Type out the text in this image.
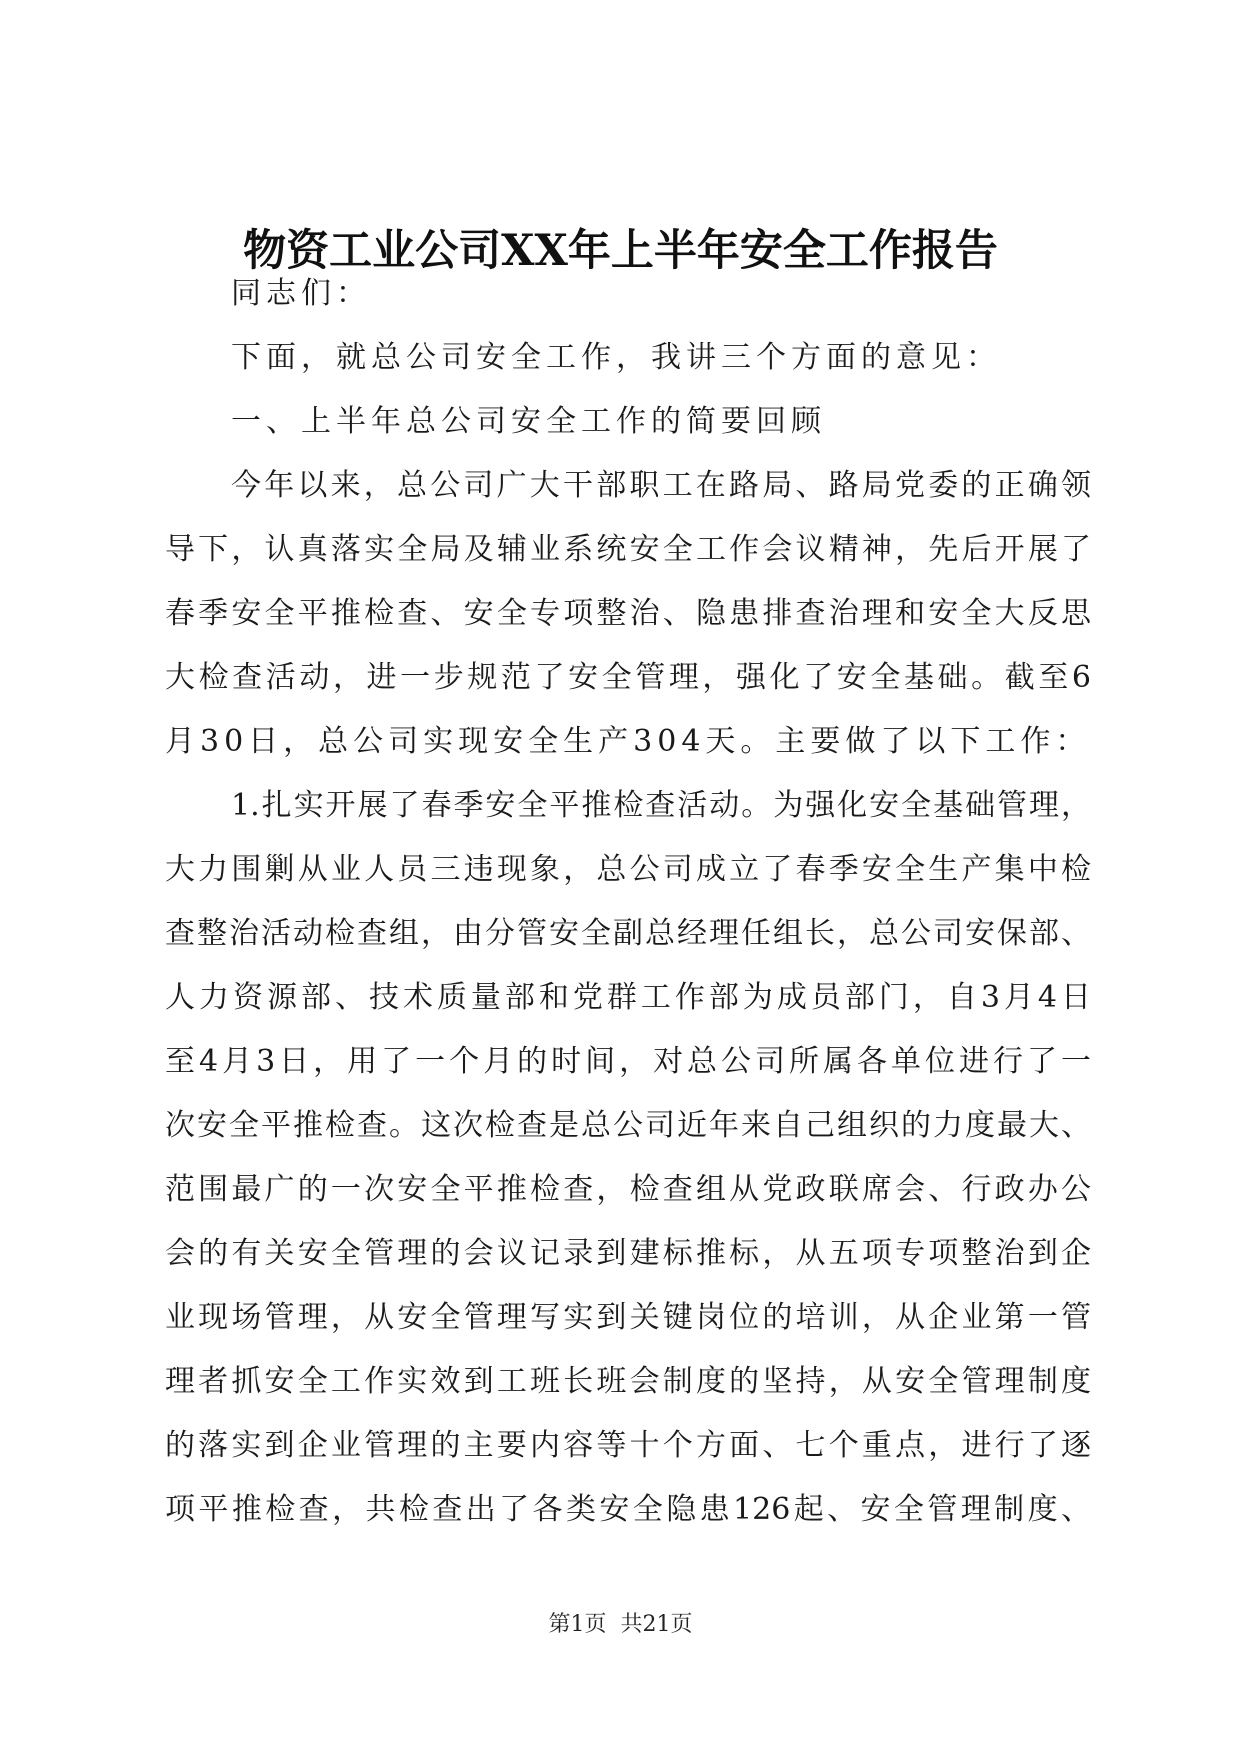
物资工业公司XX年上半年安全工作报告
同志们：
下面，就总公司安全工作，我讲三个方面的意见：
一、上半年总公司安全工作的简要回顾
今年以来，总公司广大干部职工在路局、路局党委的正确领
导下，认真落实全局及辅业系统安全工作会议精神，先后开展了
春季安全平推检查、安全专项整治、隐患排查治理和安全大反思
大检查活动，进一步规范了安全管理，强化了安全基础。截至6
月30日，总公司实现安全生产304天。主要做了以下工作：
1.扎实开展了春季安全平推检查活动。为强化安全基础管理，
大力围剿从业人员三违现象，总公司成立了春季安全生产集中检
查整治活动检查组，由分管安全副总经理任组长，总公司安保部、
人力资源部、技术质量部和党群工作部为成员部门，自3月4日
至4月3日，用了一个月的时间，对总公司所属各单位进行了一
次安全平推检查。这次检查是总公司近年来自己组织的力度最大、
范围最广的一次安全平推检查，检查组从党政联席会、行政办公
会的有关安全管理的会议记录到建标推标，从五项专项整治到企
业现场管理，从安全管理写实到关键岗位的培训，从企业第一管
理者抓安全工作实效到工班长班会制度的坚持，从安全管理制度
的落实到企业管理的主要内容等十个方面、七个重点，进行了逐
项平推检查，共检查出了各类安全隐患126起、安全管理制度、
第1页 共21页
